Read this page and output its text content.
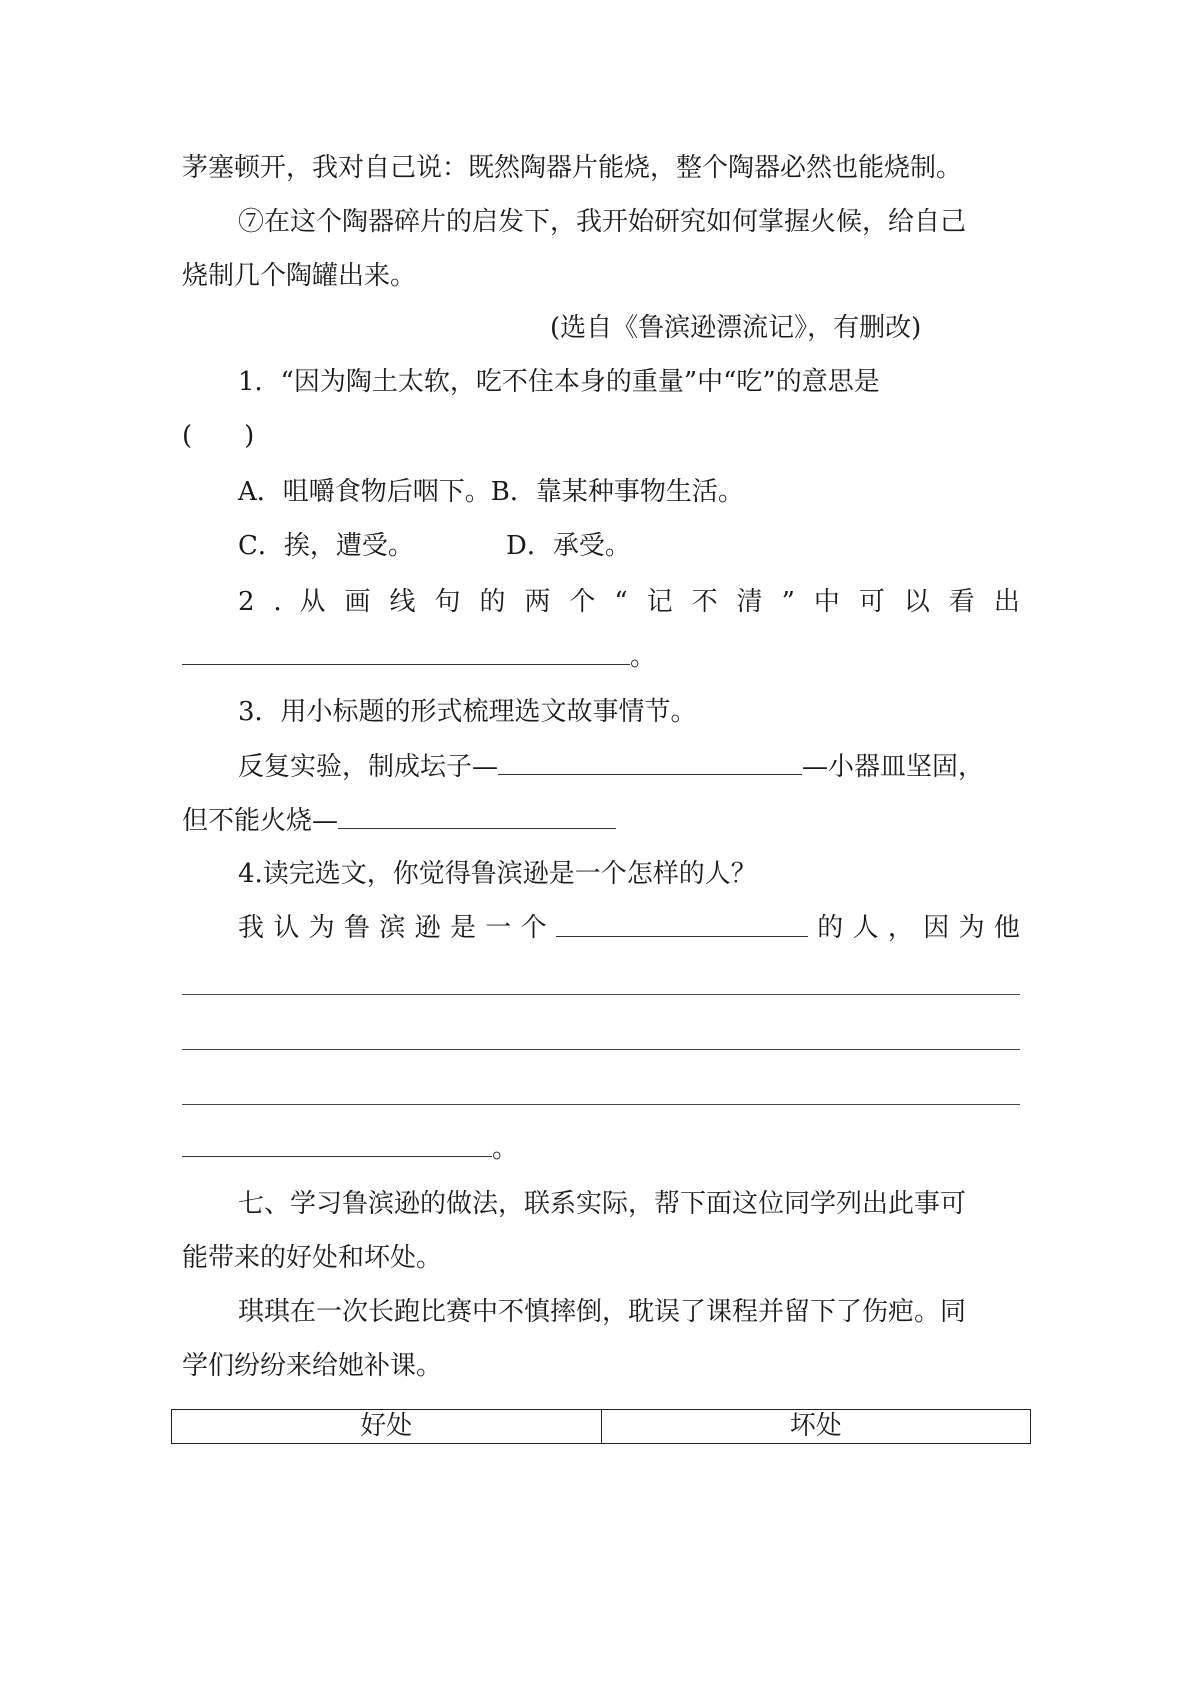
茅塞顿开，我对自己说：既然陶器片能烧，整个陶器必然也能烧制。
⑦在这个陶器碎片的启发下，我开始研究如何掌握火候，给自己
烧制几个陶罐出来。
(选自《鲁滨逊漂流记》，有删改)
1．“因为陶土太软，吃不住本身的重量”中“吃”的意思是
(　　)
A．咀嚼食物后咽下。B．靠某种事物生活。
C．挨，遭受。	D．承受。
2 ．从 画 线 句 的 两 个 “ 记 不 清 ” 中 可 以 看 出
。
3．用小标题的形式梳理选文故事情节。
反复实验，制成坛子—	—小器皿坚固，
但不能火烧—
4.读完选文，你觉得鲁滨逊是一个怎样的人？
我 认 为 鲁 滨 逊 是 一 个	的 人 ， 因 为 他
。
七、学习鲁滨逊的做法，联系实际，帮下面这位同学列出此事可
能带来的好处和坏处。
琪琪在一次长跑比赛中不慎摔倒，耽误了课程并留下了伤疤。同
学们纷纷来给她补课。
好处	坏处
